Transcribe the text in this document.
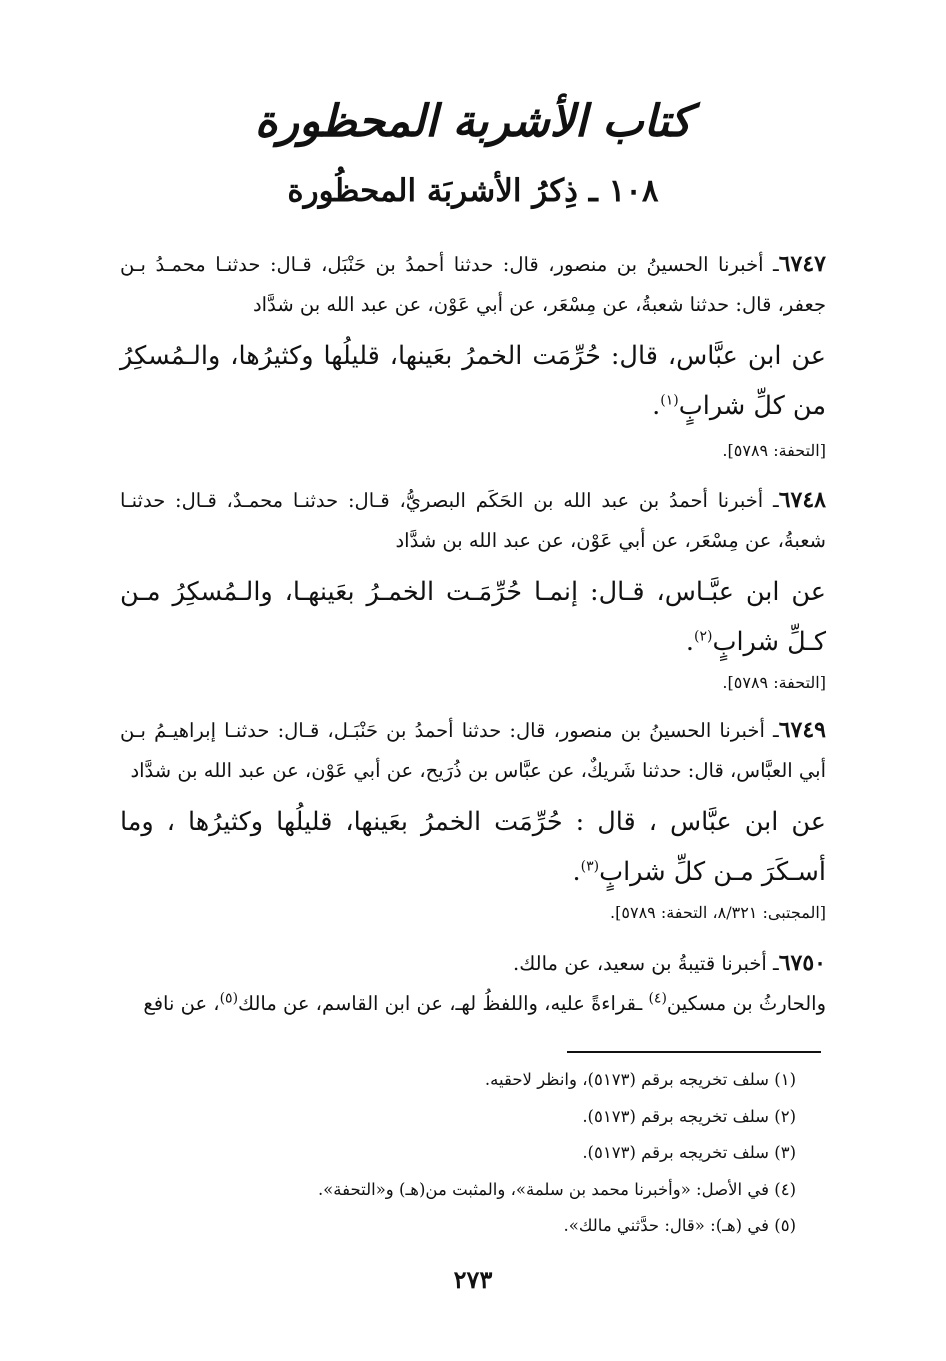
كتاب الأشربة المحظورة
١٠٨ ـ ذِكرُ الأشربَة المحظُورة
٦٧٤٧ـ أخبرنا الحسينُ بن منصور، قال: حدثنا أحمدُ بن حَنْبَل، قـال: حدثنـا محمـدُ بـن جعفر، قال: حدثنا شعبةُ، عن مِسْعَر، عن أبي عَوْن، عن عبد الله بن شدَّاد
عن ابن عبَّاس، قال: حُرِّمَت الخمرُ بعَينها، قليلُها وكثيرُها، والـمُسكِرُ من كلِّ شرابٍ$^{(١)}$.
[التحفة: ٥٧٨٩].
٦٧٤٨ـ أخبرنا أحمدُ بن عبد الله بن الحَكَم البصريُّ، قـال: حدثنـا محمـدٌ، قـال: حدثنـا شعبةُ، عن مِسْعَر، عن أبي عَوْن، عن عبد الله بن شدَّاد
عن ابن عبَّـاس، قـال: إنمـا حُرِّمَـت الخمـرُ بعَينهـا، والـمُسكِرُ مـن كـلِّ شرابٍ$^{(٢)}$.
[التحفة: ٥٧٨٩].
٦٧٤٩ـ أخبرنا الحسينُ بن منصور، قال: حدثنا أحمدُ بن حَنْبَـل، قـال: حدثنـا إبراهيـمُ بـن أبي العبَّاس، قال: حدثنا شَريكٌ، عن عبَّاس بن ذُرَيح، عن أبي عَوْن، عن عبد الله بن شدَّاد
عن ابن عبَّاس ، قال : حُرِّمَت الخمرُ بعَينها، قليلُها وكثيرُها ، وما أسـكَرَ مـن كلِّ شرابٍ$^{(٣)}$.
[المجتبى: ٨/٣٢١، التحفة: ٥٧٨٩].
٦٧٥٠ـ أخبرنا قتيبةُ بن سعيد، عن مالك.
والحارثُ بن مسكين$^{(٤)}$ ـقراءةً عليه، واللفظُ لهـ، عن ابن القاسم، عن مالك$^{(٥)}$، عن نافع
(١) سلف تخريجه برقم (٥١٧٣)، وانظر لاحقيه.
(٢) سلف تخريجه برقم (٥١٧٣).
(٣) سلف تخريجه برقم (٥١٧٣).
(٤) في الأصل: «وأخبرنا محمد بن سلمة»، والمثبت من(هـ) و«التحفة».
(٥) في (هـ): «قال: حدَّثني مالك».
٢٧٣
